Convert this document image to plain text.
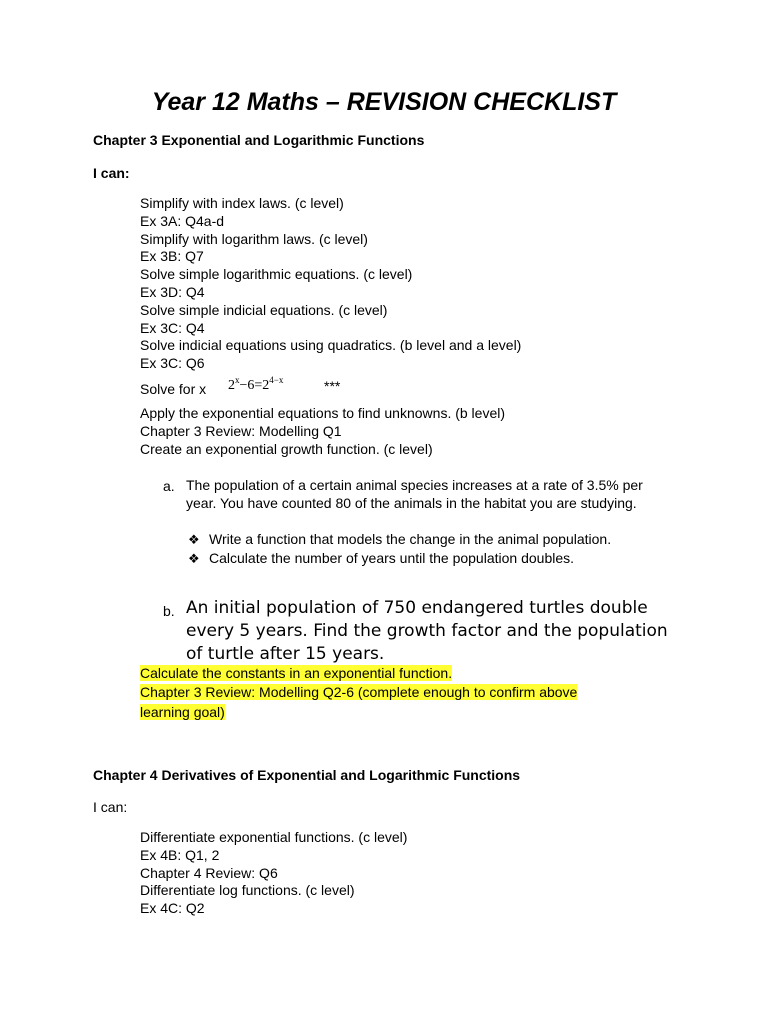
Year 12 Maths – REVISION CHECKLIST
Chapter 3 Exponential and Logarithmic Functions
I can:
Simplify with index laws. (c level)
Ex 3A: Q4a-d
Simplify with logarithm laws. (c level)
Ex 3B: Q7
Solve simple logarithmic equations. (c level)
Ex 3D: Q4
Solve simple indicial equations. (c level)
Ex 3C: Q4
Solve indicial equations using quadratics. (b level and a level)
Ex 3C: Q6
Solve for x $2^x-6=2^{4-x}$	***
Apply the exponential equations to find unknowns. (b level)
Chapter 3 Review: Modelling Q1
Create an exponential growth function. (c level)
a. The population of a certain animal species increases at a rate of 3.5% per year. You have counted 80 of the animals in the habitat you are studying.
❖ Write a function that models the change in the animal population.
❖ Calculate the number of years until the population doubles.
b. An initial population of 750 endangered turtles double every 5 years. Find the growth factor and the population of turtle after 15 years.
Calculate the constants in an exponential function.
Chapter 3 Review: Modelling Q2-6 (complete enough to confirm above
learning goal)
Chapter 4 Derivatives of Exponential and Logarithmic Functions
I can:
Differentiate exponential functions. (c level)
Ex 4B: Q1, 2
Chapter 4 Review: Q6
Differentiate log functions. (c level)
Ex 4C: Q2
